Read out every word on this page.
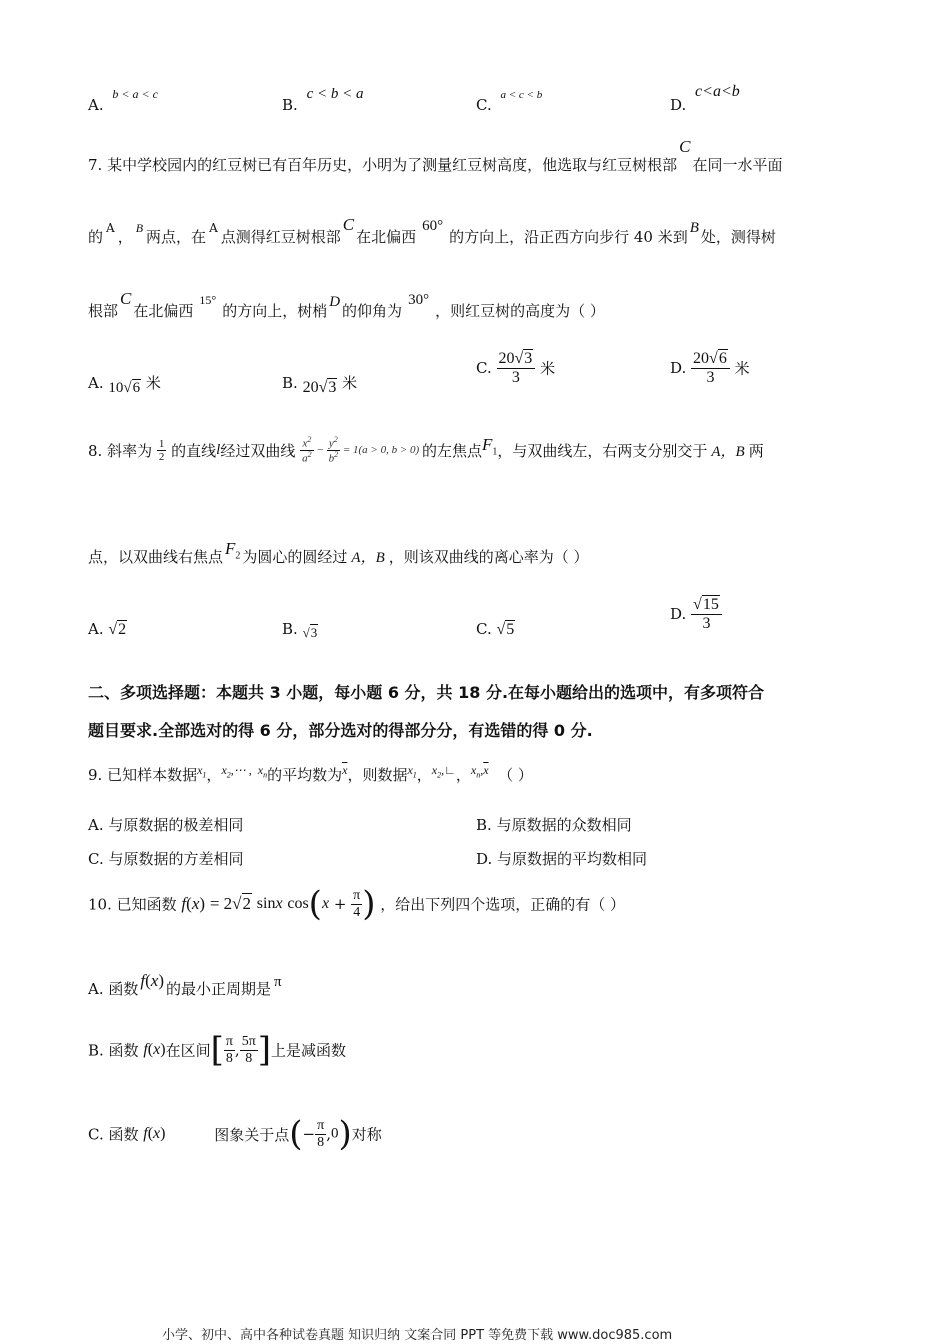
A. $^{b < a < c}$
B. c < b < a
C. $^{a < c < b}$
D. c<a<b
7. 某中学校园内的红豆树已有百年历史，小明为了测量红豆树高度，他选取与红豆树根部C在同一水平面
的 $^A$ ， $^B$ 两点，在 $^A$ 点测得红豆树根部C在北偏西60°的方向上，沿正西方向步行 40 米到 B 处，测得树
根部C在北偏西$^{15^\circ}$的方向上，树梢 D 的仰角为30°，则红豆树的高度为（ ）
A. 10√6 米	B. 20√3 米
C. $\frac{20√3}{3}$ 米	D. $\frac{20√6}{3}$ 米
8. 斜率为 $\frac{1}{2}$ 的直线l经过双曲线 $\frac{x^2}{a^2} - \frac{y^2}{b^2} = 1(a > 0$, b > 0) 的左焦点$F_1$，与双曲线左，右两支分别交于 A，B 两
点，以双曲线右焦点 $F_2$ 为圆心的圆经过 A，B ，则该双曲线的离心率为（ ）
A. √2	B. √3	C. √5
D. $\frac{√15}{3}$
二、多项选择题：本题共 3 小题，每小题 6 分，共 18 分.在每小题给出的选项中，有多项符合
题目要求.全部选对的得 6 分，部分选对的得部分分，有选错的得 0 分.
9. 已知样本数据$^{x_1}$，$^{x_2,\cdots , x_n}$的平均数为$^{\overline{x}}$，则数据$^{x_1}$，$^{x_2,∟}$，$^{x_n,\overline{x}}$ （ ）
A. 与原数据的极差相同	B. 与原数据的众数相同
C. 与原数据的方差相同	D. 与原数据的平均数相同
10. 已知函数 f(x) = 2√2 sinx $\cos(x + \frac{\pi}{4}$ ) ，给出下列四个选项，正确的有（ ）
A. 函数 f(x) 的最小正周期是 π
B. 函数 f(x)在区间[ $\frac{\pi}{8}$ , $\frac{5\pi}{8}$ ]上是减函数
C. 函数 f(x)	图象关于点(− $\frac{\pi}{8} ,0$)对称
小学、初中、高中各种试卷真题 知识归纳 文案合同 PPT 等免费下载 www.doc985.com
